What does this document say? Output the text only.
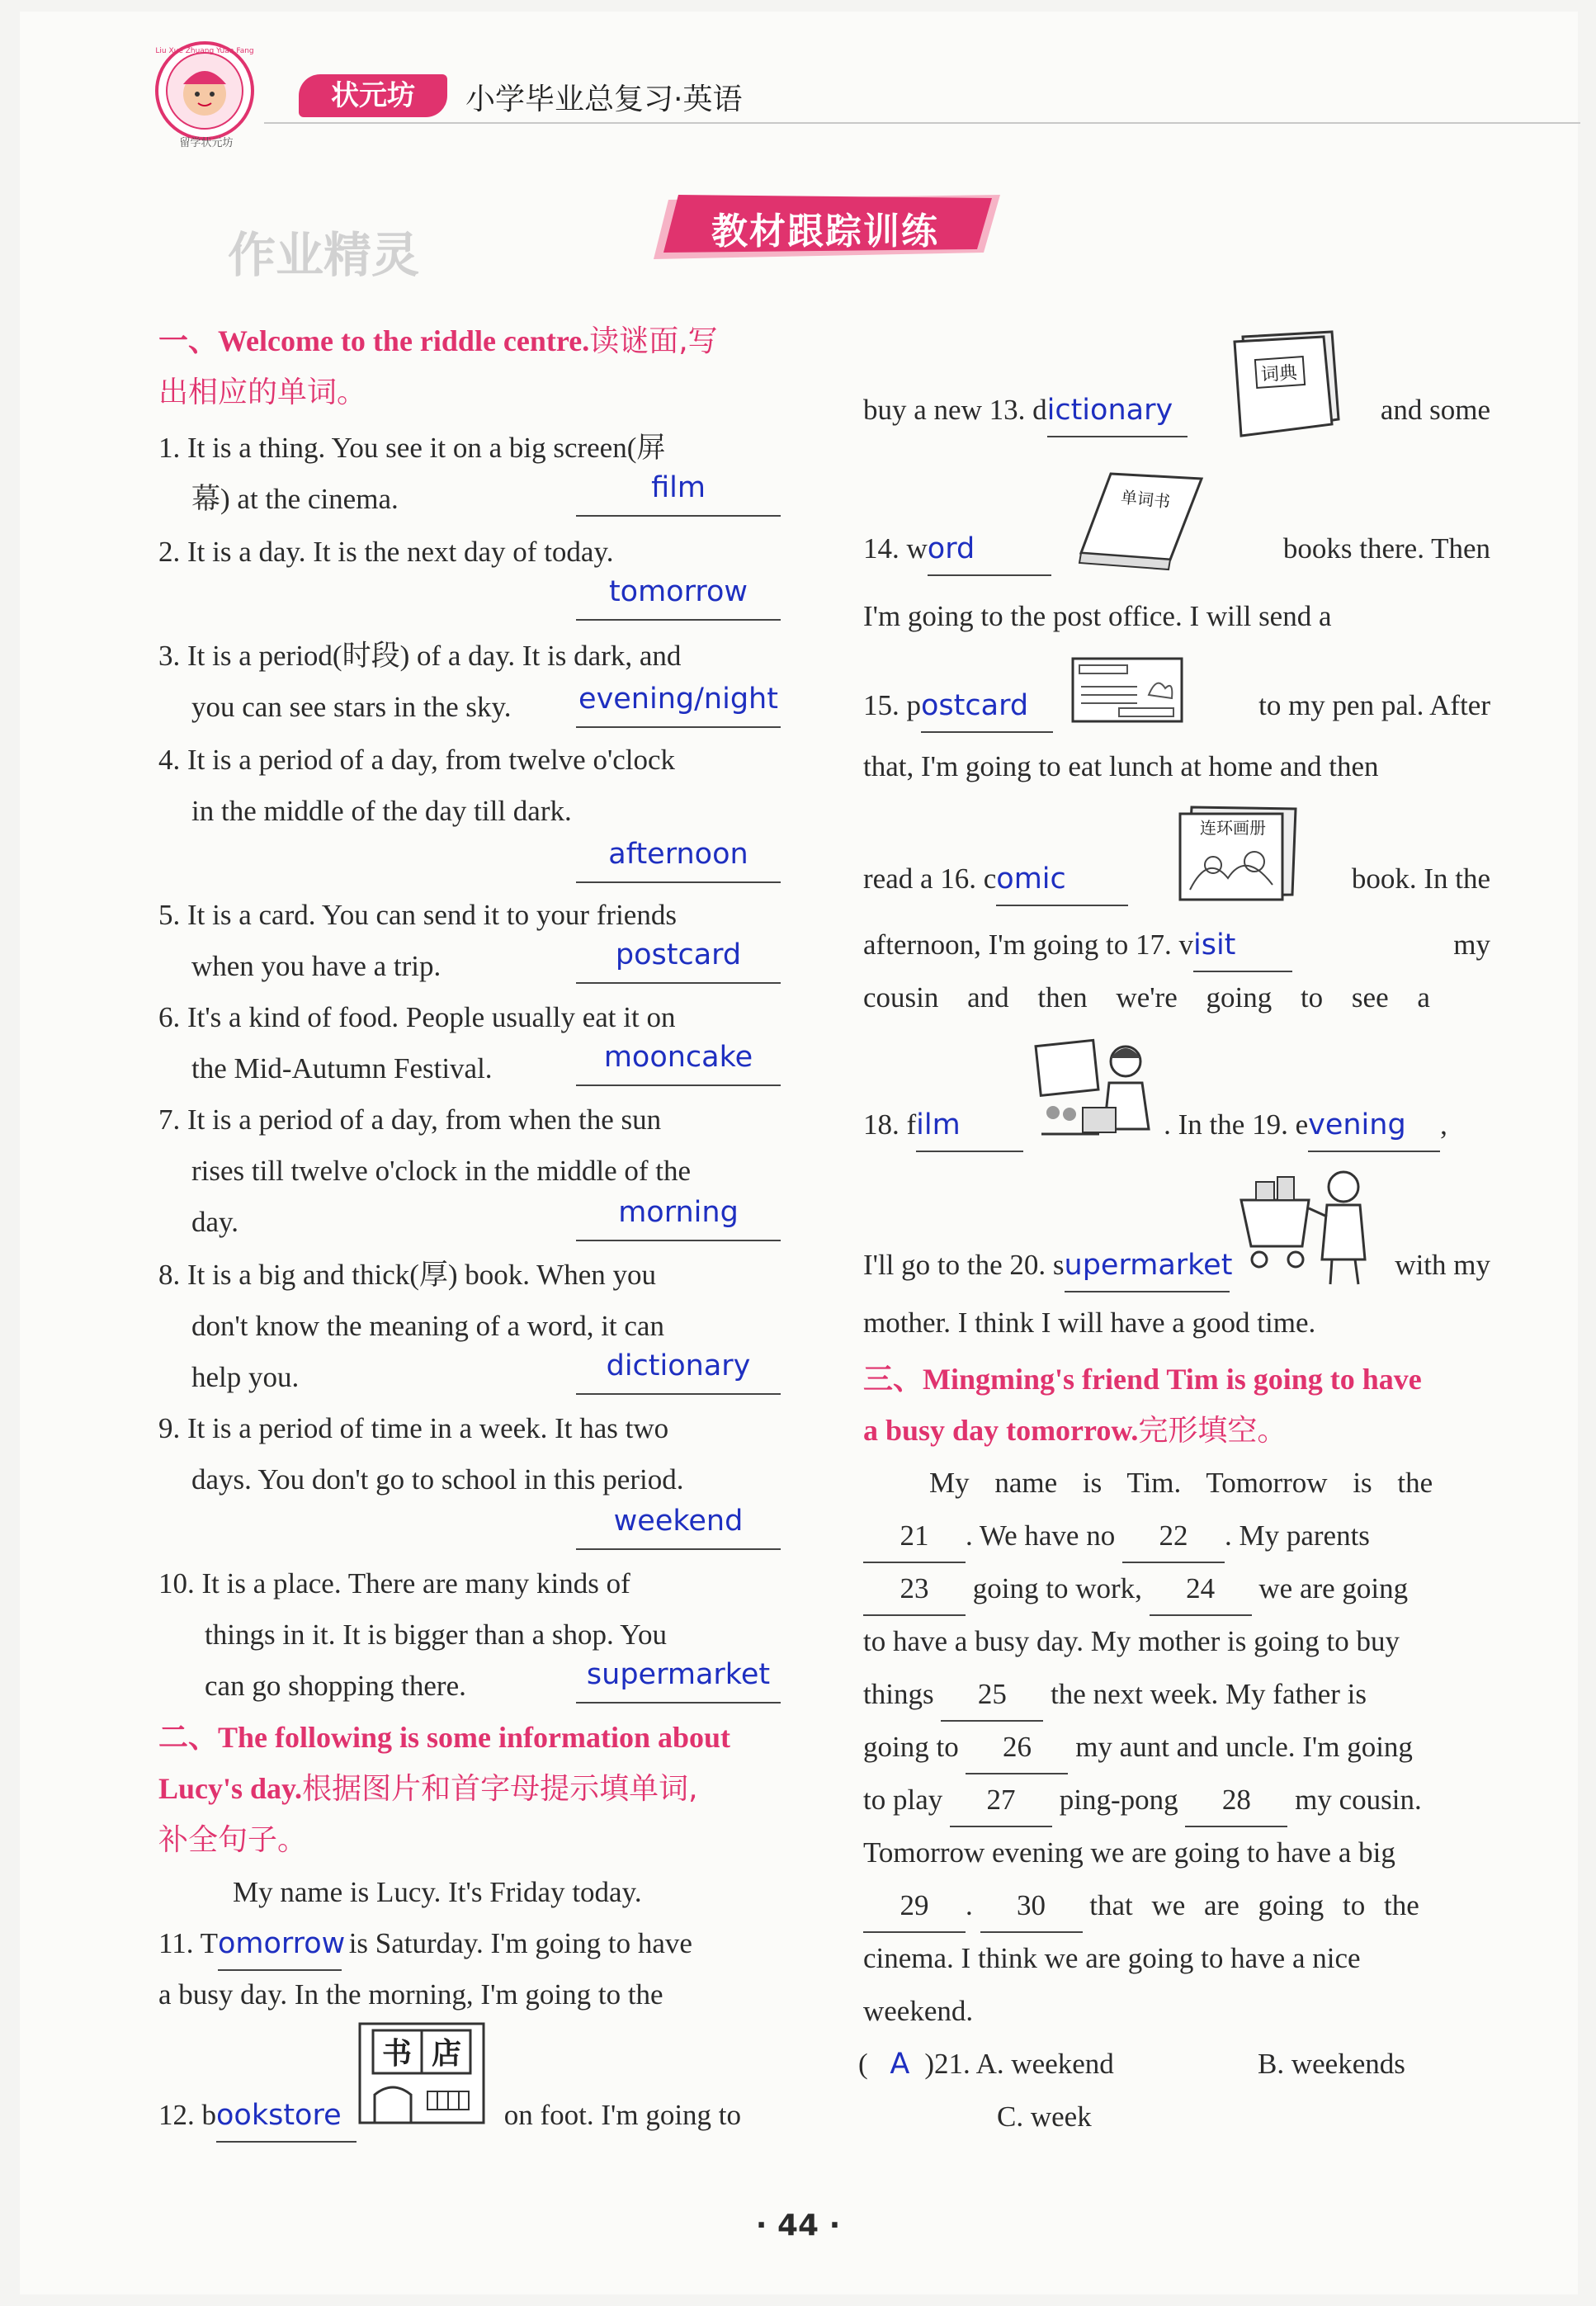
Liu Xue Zhuang Yuan Fang
留学状元坊
状元坊	小学毕业总复习·英语
教材跟踪训练
作业精灵
一、Welcome to the riddle centre.读谜面,写
出相应的单词。
1. It is a thing. You see it on a big screen(屏
幕) at the cinema.	film
2. It is a day. It is the next day of today.
tomorrow
3. It is a period(时段) of a day. It is dark, and
you can see stars in the sky. evening/night
4. It is a period of a day, from twelve o'clock
in the middle of the day till dark.
afternoon
5. It is a card. You can send it to your friends
when you have a trip.	postcard
6. It's a kind of food. People usually eat it on
the Mid-Autumn Festival.	mooncake
7. It is a period of a day, from when the sun
rises till twelve o'clock in the middle of the
day.	morning
8. It is a big and thick(厚) book. When you
don't know the meaning of a word, it can
help you.	dictionary
9. It is a period of time in a week. It has two
days. You don't go to school in this period.
weekend
10. It is a place. There are many kinds of
things in it. It is bigger than a shop. You
can go shopping there.	supermarket
二、The following is some information about
Lucy's day.根据图片和首字母提示填单词,
补全句子。
My name is Lucy. It's Friday today.
11. Tomorrow is Saturday. I'm going to have
a busy day. In the morning, I'm going to the
书 店
12. bookstore	on foot. I'm going to
词典
buy a new 13. dictionary	and some
单词书
14. word	books there. Then
I'm going to the post office. I will send a
15. postcard	to my pen pal. After
that, I'm going to eat lunch at home and then
连环画册
read a 16. comic	book. In the
afternoon, I'm going to 17. visit	my
cousin and then we're going to see a
18. film	. In the 19. evening ,
I'll go to the 20. supermarket	with my
mother. I think I will have a good time.
三、Mingming's friend Tim is going to have
a busy day tomorrow.完形填空。
My name is Tim. Tomorrow is the
21 . We have no 22 . My parents
23 going to work, 24 we are going
to have a busy day. My mother is going to buy
things 25 the next week. My father is
going to 26 my aunt and uncle. I'm going
to play 27 ping-pong 28 my cousin.
Tomorrow evening we are going to have a big
29 . 30 that we are going to the
cinema. I think we are going to have a nice
weekend.
( A )21. A. weekend	B. weekends
C. week
· 44 ·
